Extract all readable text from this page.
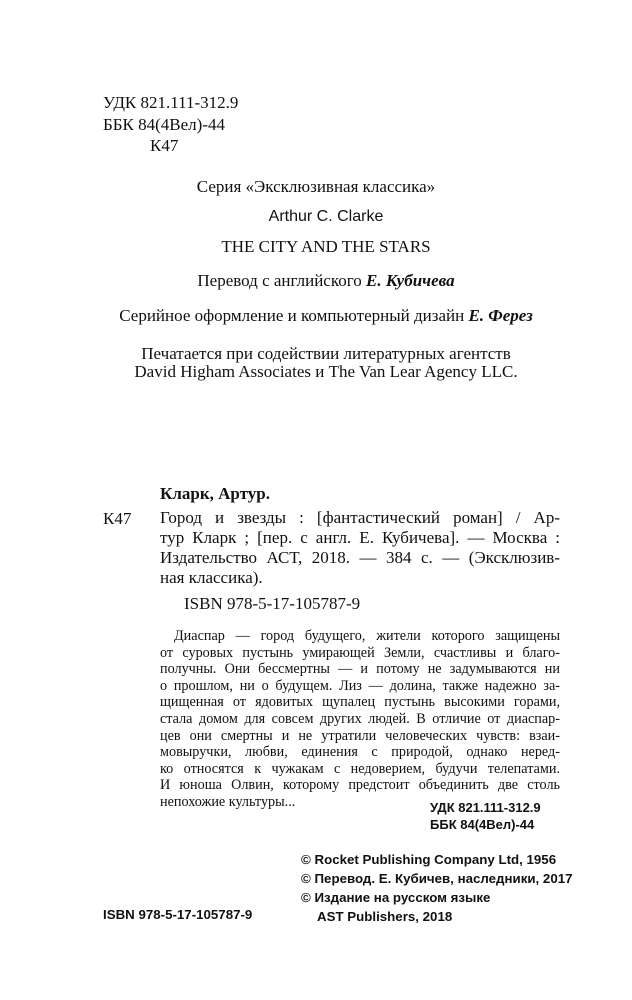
УДК 821.111-312.9
ББК 84(4Вел)-44
К47
Серия «Эксклюзивная классика»
Arthur C. Clarke
THE CITY AND THE STARS
Перевод с английского Е. Кубичева
Серийное оформление и компьютерный дизайн Е. Ферез
Печатается при содействии литературных агентств
David Higham Associates и The Van Lear Agency LLC.
Кларк, Артур.
К47 Город и звезды : [фантастический роман] / Ар-
тур Кларк ; [пер. с англ. Е. Кубичева]. — Москва :
Издательство АСТ, 2018. — 384 с. — (Эксклюзив-
ная классика).
ISBN 978-5-17-105787-9
Диаспар — город будущего, жители которого защищены
от суровых пустынь умирающей Земли, счастливы и благо-
получны. Они бессмертны — и потому не задумываются ни
о прошлом, ни о будущем. Лиз — долина, также надежно за-
щищенная от ядовитых щупалец пустынь высокими горами,
стала домом для совсем других людей. В отличие от диаспар-
цев они смертны и не утратили человеческих чувств: взаи-
мовыручки, любви, единения с природой, однако неред-
ко относятся к чужакам с недоверием, будучи телепатами.
И юноша Олвин, которому предстоит объединить две столь
непохожие культуры...	УДК 821.111-312.9
ББК 84(4Вел)-44
© Rocket Publishing Company Ltd, 1956
© Перевод. Е. Кубичев, наследники, 2017
© Издание на русском языке
AST Publishers, 2018
ISBN 978-5-17-105787-9
